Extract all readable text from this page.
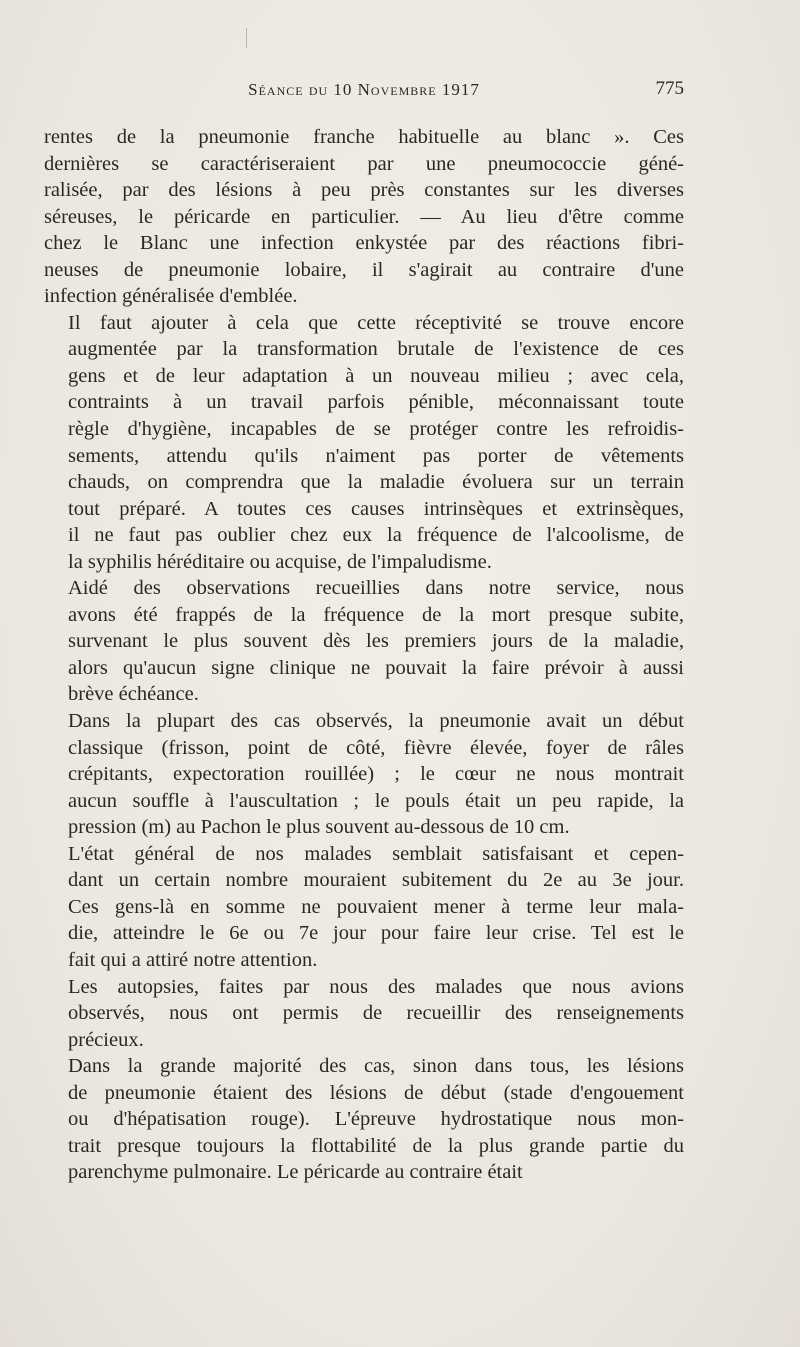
Séance du 10 Novembre 1917	775
rentes de la pneumonie franche habituelle au blanc ». Ces
dernières se caractériseraient par une pneumococcie géné-
ralisée, par des lésions à peu près constantes sur les diverses
séreuses, le péricarde en particulier. — Au lieu d'être comme
chez le Blanc une infection enkystée par des réactions fibri-
neuses de pneumonie lobaire, il s'agirait au contraire d'une
infection généralisée d'emblée.
Il faut ajouter à cela que cette réceptivité se trouve encore
augmentée par la transformation brutale de l'existence de ces
gens et de leur adaptation à un nouveau milieu ; avec cela,
contraints à un travail parfois pénible, méconnaissant toute
règle d'hygiène, incapables de se protéger contre les refroidis-
sements, attendu qu'ils n'aiment pas porter de vêtements
chauds, on comprendra que la maladie évoluera sur un terrain
tout préparé. A toutes ces causes intrinsèques et extrinsèques,
il ne faut pas oublier chez eux la fréquence de l'alcoolisme, de
la syphilis héréditaire ou acquise, de l'impaludisme.
Aidé des observations recueillies dans notre service, nous
avons été frappés de la fréquence de la mort presque subite,
survenant le plus souvent dès les premiers jours de la maladie,
alors qu'aucun signe clinique ne pouvait la faire prévoir à aussi
brève échéance.
Dans la plupart des cas observés, la pneumonie avait un début
classique (frisson, point de côté, fièvre élevée, foyer de râles
crépitants, expectoration rouillée) ; le cœur ne nous montrait
aucun souffle à l'auscultation ; le pouls était un peu rapide, la
pression (m) au Pachon le plus souvent au-dessous de 10 cm.
L'état général de nos malades semblait satisfaisant et cepen-
dant un certain nombre mouraient subitement du 2e au 3e jour.
Ces gens-là en somme ne pouvaient mener à terme leur mala-
die, atteindre le 6e ou 7e jour pour faire leur crise. Tel est le
fait qui a attiré notre attention.
Les autopsies, faites par nous des malades que nous avions
observés, nous ont permis de recueillir des renseignements
précieux.
Dans la grande majorité des cas, sinon dans tous, les lésions
de pneumonie étaient des lésions de début (stade d'engouement
ou d'hépatisation rouge). L'épreuve hydrostatique nous mon-
trait presque toujours la flottabilité de la plus grande partie du
parenchyme pulmonaire. Le péricarde au contraire était
